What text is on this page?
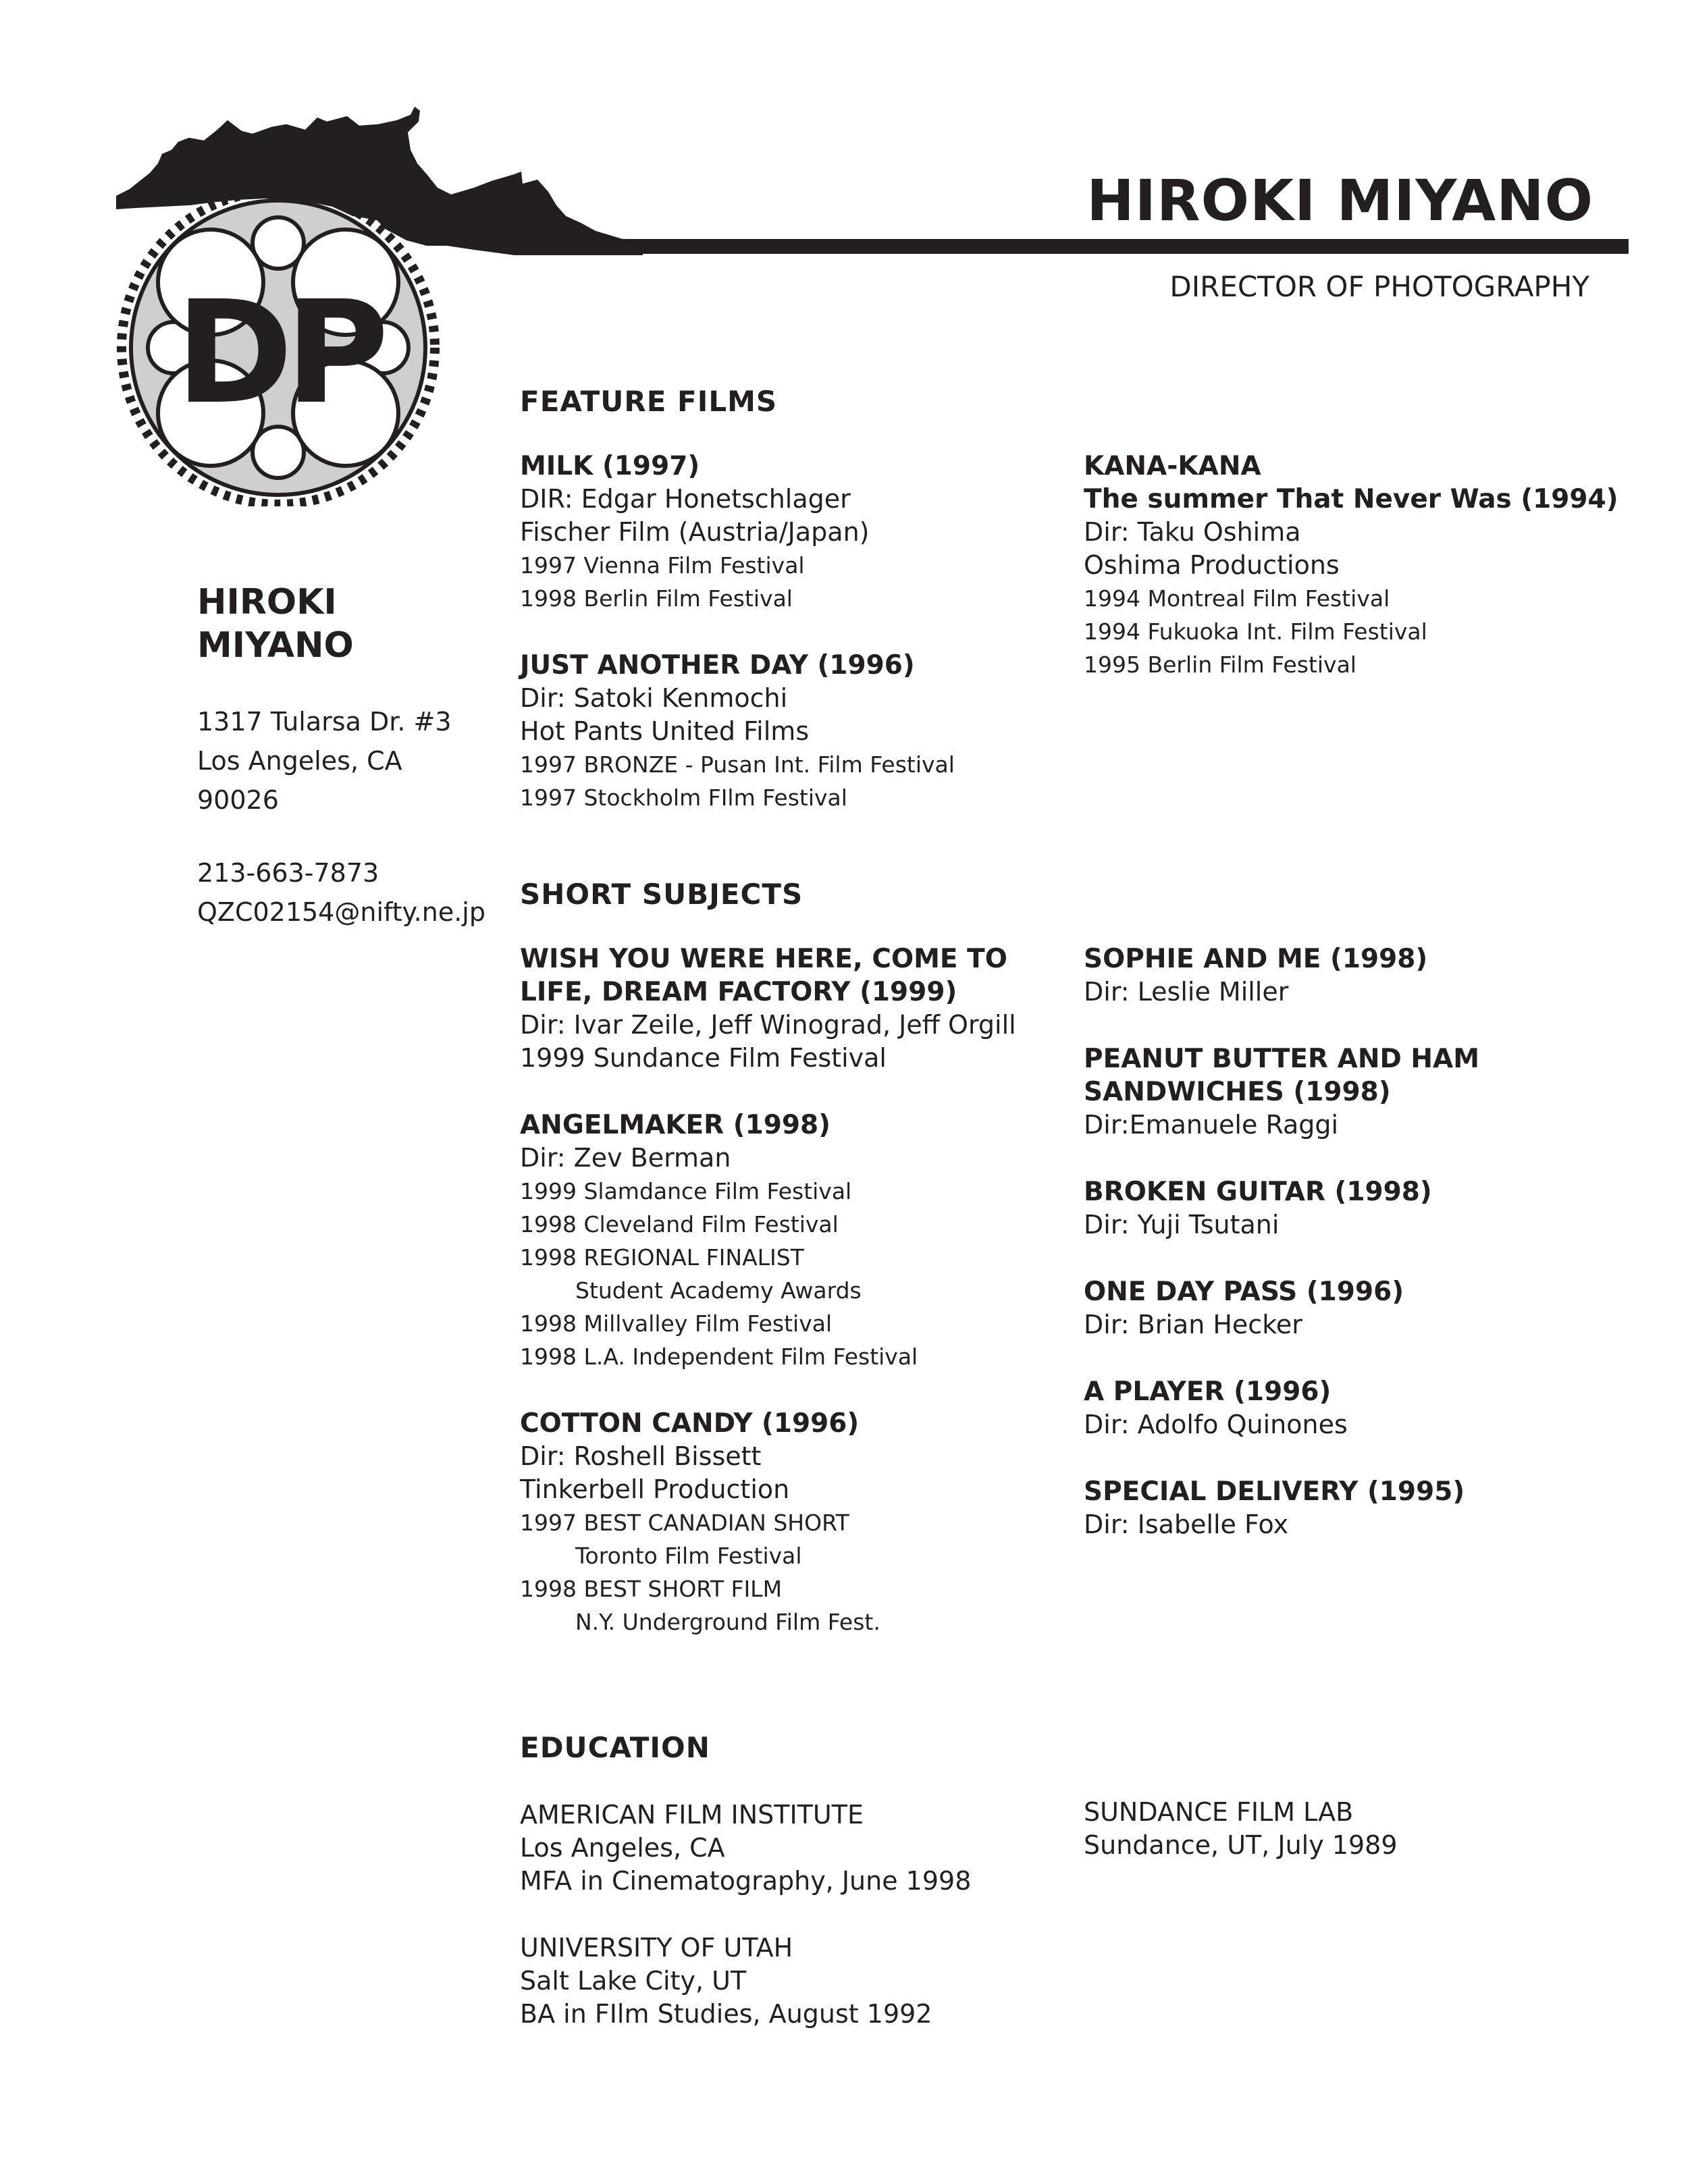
DP
HIROKI MIYANO
DIRECTOR OF PHOTOGRAPHY
HIROKI
MIYANO
1317 Tularsa Dr. #3
Los Angeles, CA
90026
213-663-7873
QZC02154@nifty.ne.jp
FEATURE FILMS
MILK (1997)
DIR: Edgar Honetschlager
Fischer Film (Austria/Japan)
1997 Vienna Film Festival
1998 Berlin Film Festival
JUST ANOTHER DAY (1996)
Dir: Satoki Kenmochi
Hot Pants United Films
1997 BRONZE - Pusan Int. Film Festival
1997 Stockholm FIlm Festival
KANA-KANA
The summer That Never Was (1994)
Dir: Taku Oshima
Oshima Productions
1994 Montreal Film Festival
1994 Fukuoka Int. Film Festival
1995 Berlin Film Festival
SHORT SUBJECTS
WISH YOU WERE HERE, COME TO
LIFE, DREAM FACTORY (1999)
Dir: Ivar Zeile, Jeff Winograd, Jeff Orgill
1999 Sundance Film Festival
ANGELMAKER (1998)
Dir: Zev Berman
1999 Slamdance Film Festival
1998 Cleveland Film Festival
1998 REGIONAL FINALIST
Student Academy Awards
1998 Millvalley Film Festival
1998 L.A. Independent Film Festival
COTTON CANDY (1996)
Dir: Roshell Bissett
Tinkerbell Production
1997 BEST CANADIAN SHORT
Toronto Film Festival
1998 BEST SHORT FILM
N.Y. Underground Film Fest.
SOPHIE AND ME (1998)
Dir: Leslie Miller
PEANUT BUTTER AND HAM
SANDWICHES (1998)
Dir:Emanuele Raggi
BROKEN GUITAR (1998)
Dir: Yuji Tsutani
ONE DAY PASS (1996)
Dir: Brian Hecker
A PLAYER (1996)
Dir: Adolfo Quinones
SPECIAL DELIVERY (1995)
Dir: Isabelle Fox
EDUCATION
AMERICAN FILM INSTITUTE
Los Angeles, CA
MFA in Cinematography, June 1998
UNIVERSITY OF UTAH
Salt Lake City, UT
BA in FIlm Studies, August 1992
SUNDANCE FILM LAB
Sundance, UT, July 1989
